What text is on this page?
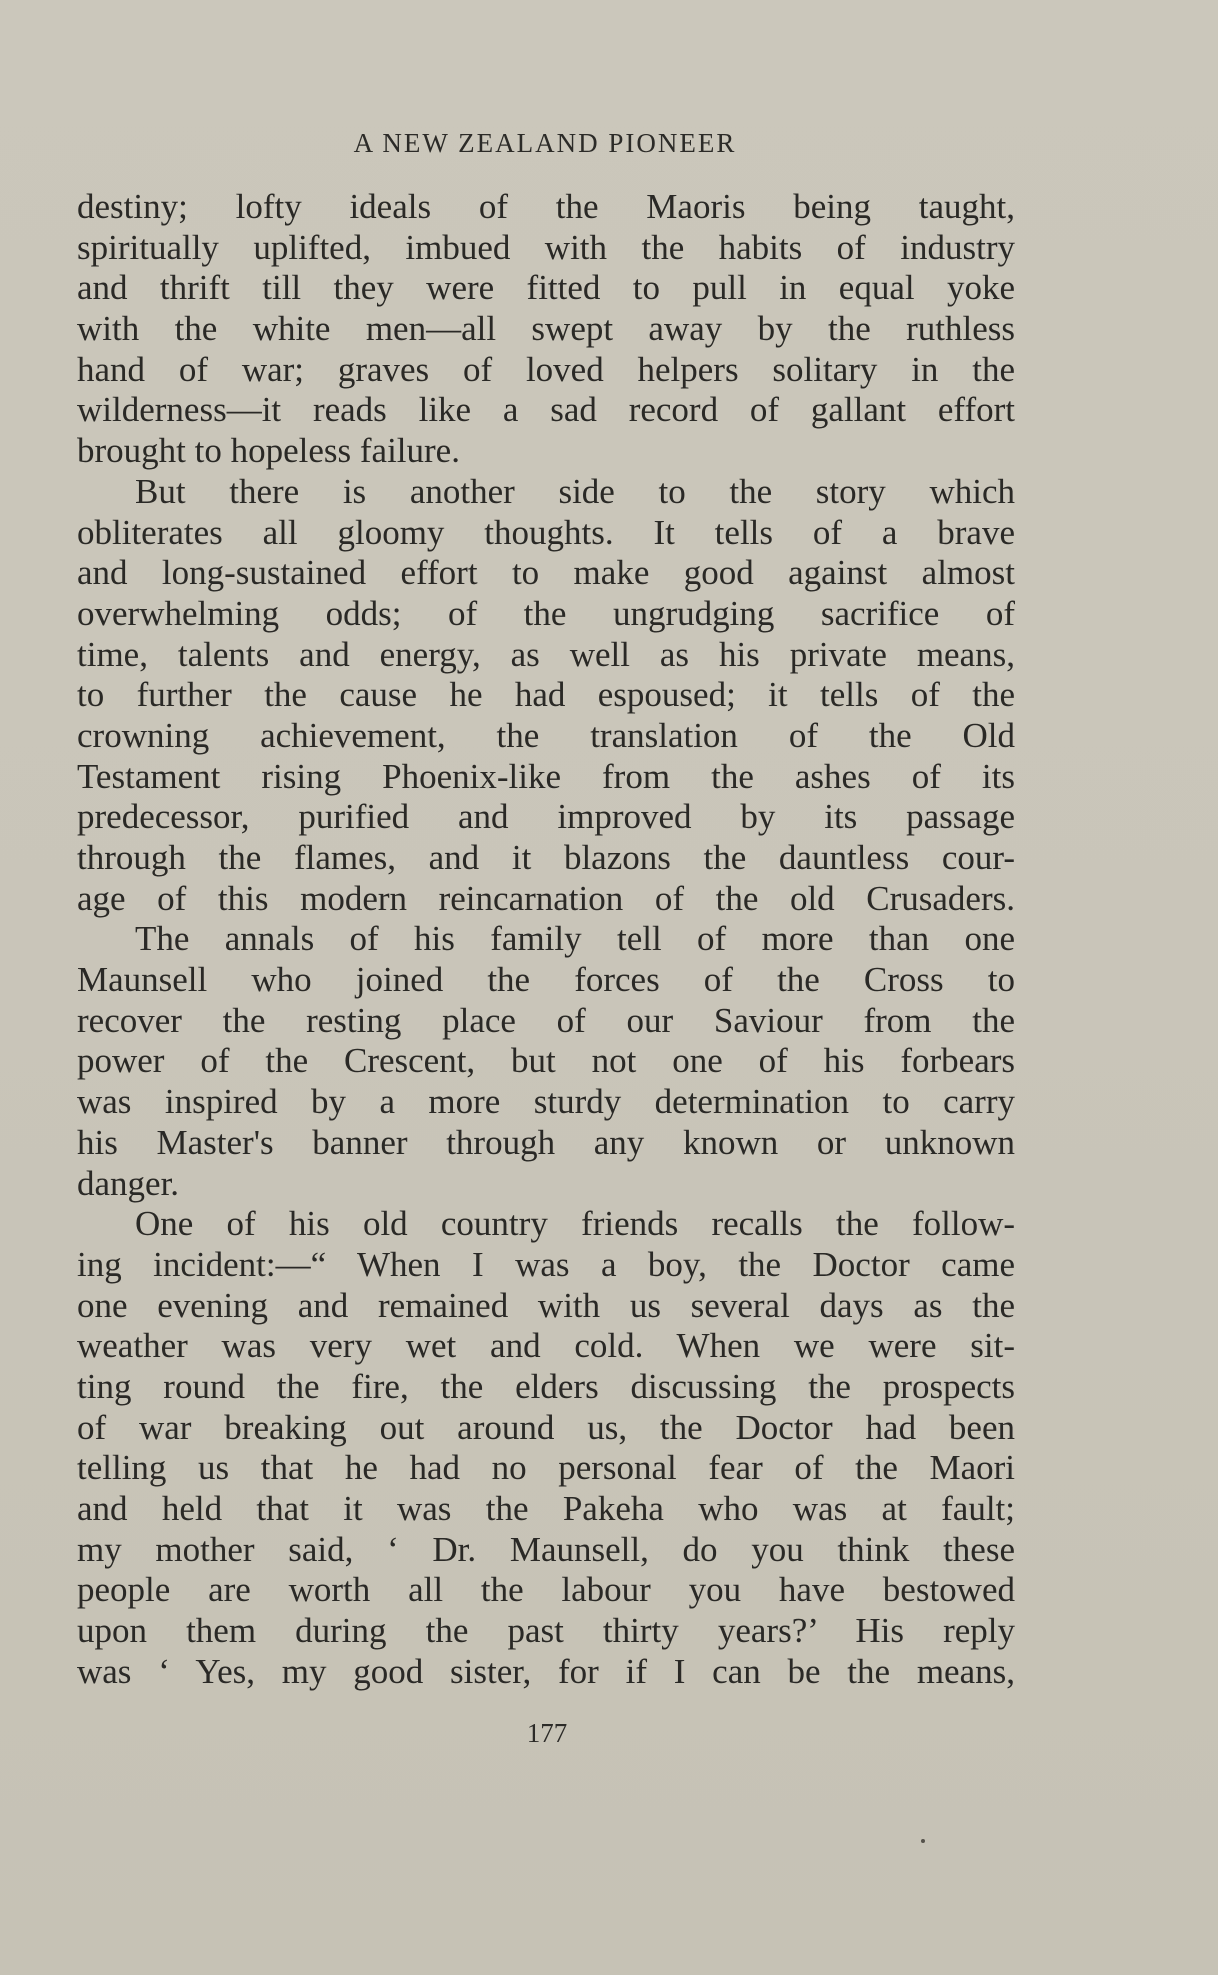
A NEW ZEALAND PIONEER
destiny; lofty ideals of the Maoris being taught,
spiritually uplifted, imbued with the habits of industry
and thrift till they were fitted to pull in equal yoke
with the white men—all swept away by the ruthless
hand of war; graves of loved helpers solitary in the
wilderness—it reads like a sad record of gallant effort
brought to hopeless failure.
But there is another side to the story which
obliterates all gloomy thoughts. It tells of a brave
and long-sustained effort to make good against almost
overwhelming odds; of the ungrudging sacrifice of
time, talents and energy, as well as his private means,
to further the cause he had espoused; it tells of the
crowning achievement, the translation of the Old
Testament rising Phoenix-like from the ashes of its
predecessor, purified and improved by its passage
through the flames, and it blazons the dauntless cour-
age of this modern reincarnation of the old Crusaders.
The annals of his family tell of more than one
Maunsell who joined the forces of the Cross to
recover the resting place of our Saviour from the
power of the Crescent, but not one of his forbears
was inspired by a more sturdy determination to carry
his Master's banner through any known or unknown
danger.
One of his old country friends recalls the follow-
ing incident:—“ When I was a boy, the Doctor came
one evening and remained with us several days as the
weather was very wet and cold. When we were sit-
ting round the fire, the elders discussing the prospects
of war breaking out around us, the Doctor had been
telling us that he had no personal fear of the Maori
and held that it was the Pakeha who was at fault;
my mother said, ‘ Dr. Maunsell, do you think these
people are worth all the labour you have bestowed
upon them during the past thirty years?’ His reply
was ‘ Yes, my good sister, for if I can be the means,
177
